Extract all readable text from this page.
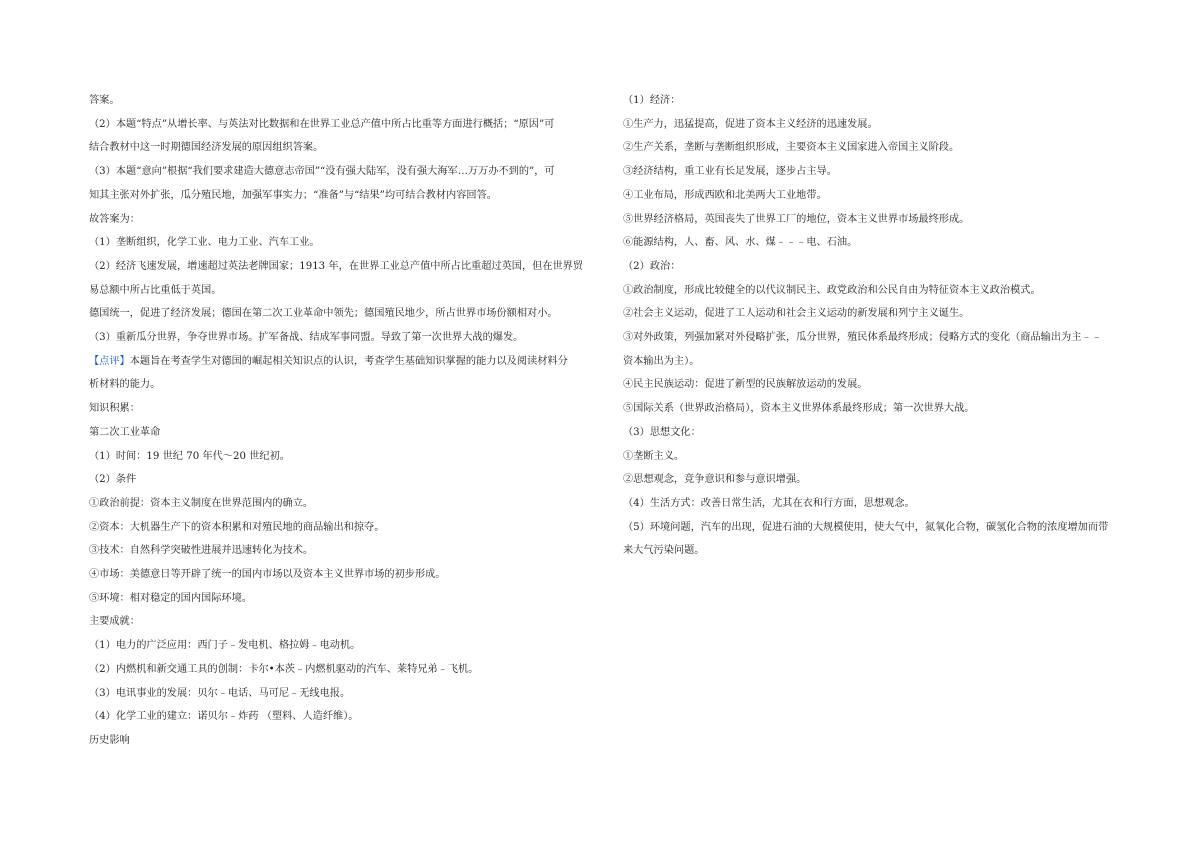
答案。
（2）本题“特点”从增长率、与英法对比数据和在世界工业总产值中所占比重等方面进行概括；“原因”可
结合教材中这一时期德国经济发展的原因组织答案。
（3）本题“意向”根据“我们要求建造大德意志帝国”“没有强大陆军，没有强大海军…万万办不到的”，可
知其主张对外扩张，瓜分殖民地，加强军事实力；“准备”与“结果”均可结合教材内容回答。
故答案为：
（1）垄断组织，化学工业、电力工业、汽车工业。
（2）经济飞速发展，增速超过英法老牌国家；1913 年，在世界工业总产值中所占比重超过英国，但在世界贸
易总额中所占比重低于英国。
德国统一，促进了经济发展；德国在第二次工业革命中领先；德国殖民地少，所占世界市场份额相对小。
（3）重新瓜分世界，争夺世界市场。扩军备战、结成军事同盟。导致了第一次世界大战的爆发。
【点评】本题旨在考查学生对德国的崛起相关知识点的认识，考查学生基础知识掌握的能力以及阅读材料分
析材料的能力。
知识积累：
第二次工业革命
（1）时间：19 世纪 70 年代～20 世纪初。
（2）条件
①政治前提：资本主义制度在世界范围内的确立。
②资本：大机器生产下的资本积累和对殖民地的商品输出和掠夺。
③技术：自然科学突破性进展并迅速转化为技术。
④市场：美德意日等开辟了统一的国内市场以及资本主义世界市场的初步形成。
⑤环境：相对稳定的国内国际环境。
主要成就：
（1）电力的广泛应用：西门子﹣发电机、格拉姆﹣电动机。
（2）内燃机和新交通工具的创制：卡尔•本茨﹣内燃机驱动的汽车、莱特兄弟﹣飞机。
（3）电讯事业的发展：贝尔﹣电话、马可尼﹣无线电报。
（4）化学工业的建立：诺贝尔﹣炸药 （塑料、人造纤维）。
历史影响
（1）经济：
①生产力，迅猛提高，促进了资本主义经济的迅速发展。
②生产关系，垄断与垄断组织形成，主要资本主义国家进入帝国主义阶段。
③经济结构，重工业有长足发展，逐步占主导。
④工业布局，形成西欧和北美两大工业地带。
⑤世界经济格局，英国丧失了世界工厂的地位，资本主义世界市场最终形成。
⑥能源结构，人、畜、风、水、煤﹣﹣﹣电、石油。
（2）政治：
①政治制度，形成比较健全的以代议制民主、政党政治和公民自由为特征资本主义政治模式。
②社会主义运动，促进了工人运动和社会主义运动的新发展和列宁主义诞生。
③对外政策，列强加紧对外侵略扩张，瓜分世界，殖民体系最终形成；侵略方式的变化（商品输出为主﹣﹣
资本输出为主）。
④民主民族运动：促进了新型的民族解放运动的发展。
⑤国际关系（世界政治格局），资本主义世界体系最终形成；第一次世界大战。
（3）思想文化：
①垄断主义。
②思想观念，竞争意识和参与意识增强。
（4）生活方式：改善日常生活，尤其在衣和行方面，思想观念。
（5）环境问题，汽车的出现，促进石油的大规模使用，使大气中，氮氧化合物，碳氢化合物的浓度增加而带
来大气污染问题。
